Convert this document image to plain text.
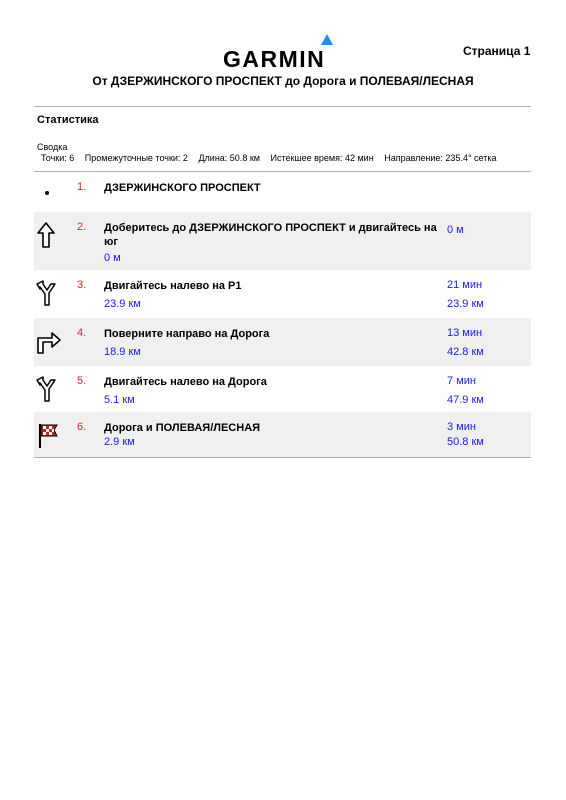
GARMIN	Страница 1
От ДЗЕРЖИНСКОГО ПРОСПЕКТ до Дорога и ПОЛЕВАЯ/ЛЕСНАЯ
Статистика
Сводка
Точки: 6 Промежуточные точки: 2 Длина: 50.8 км Истекшее время: 42 мин Направление: 235.4° сетка
1. ДЗЕРЖИНСКОГО ПРОСПЕКТ
2. Доберитесь до ДЗЕРЖИНСКОГО ПРОСПЕКТ и двигайтесь на юг
0 м
0 м
3. Двигайтесь налево на P1
23.9 км
21 мин
23.9 км
4. Поверните направо на Дорога
18.9 км
13 мин
42.8 км
5. Двигайтесь налево на Дорога
5.1 км
7 мин
47.9 км
6. Дорога и ПОЛЕВАЯ/ЛЕСНАЯ
2.9 км
3 мин
50.8 км
